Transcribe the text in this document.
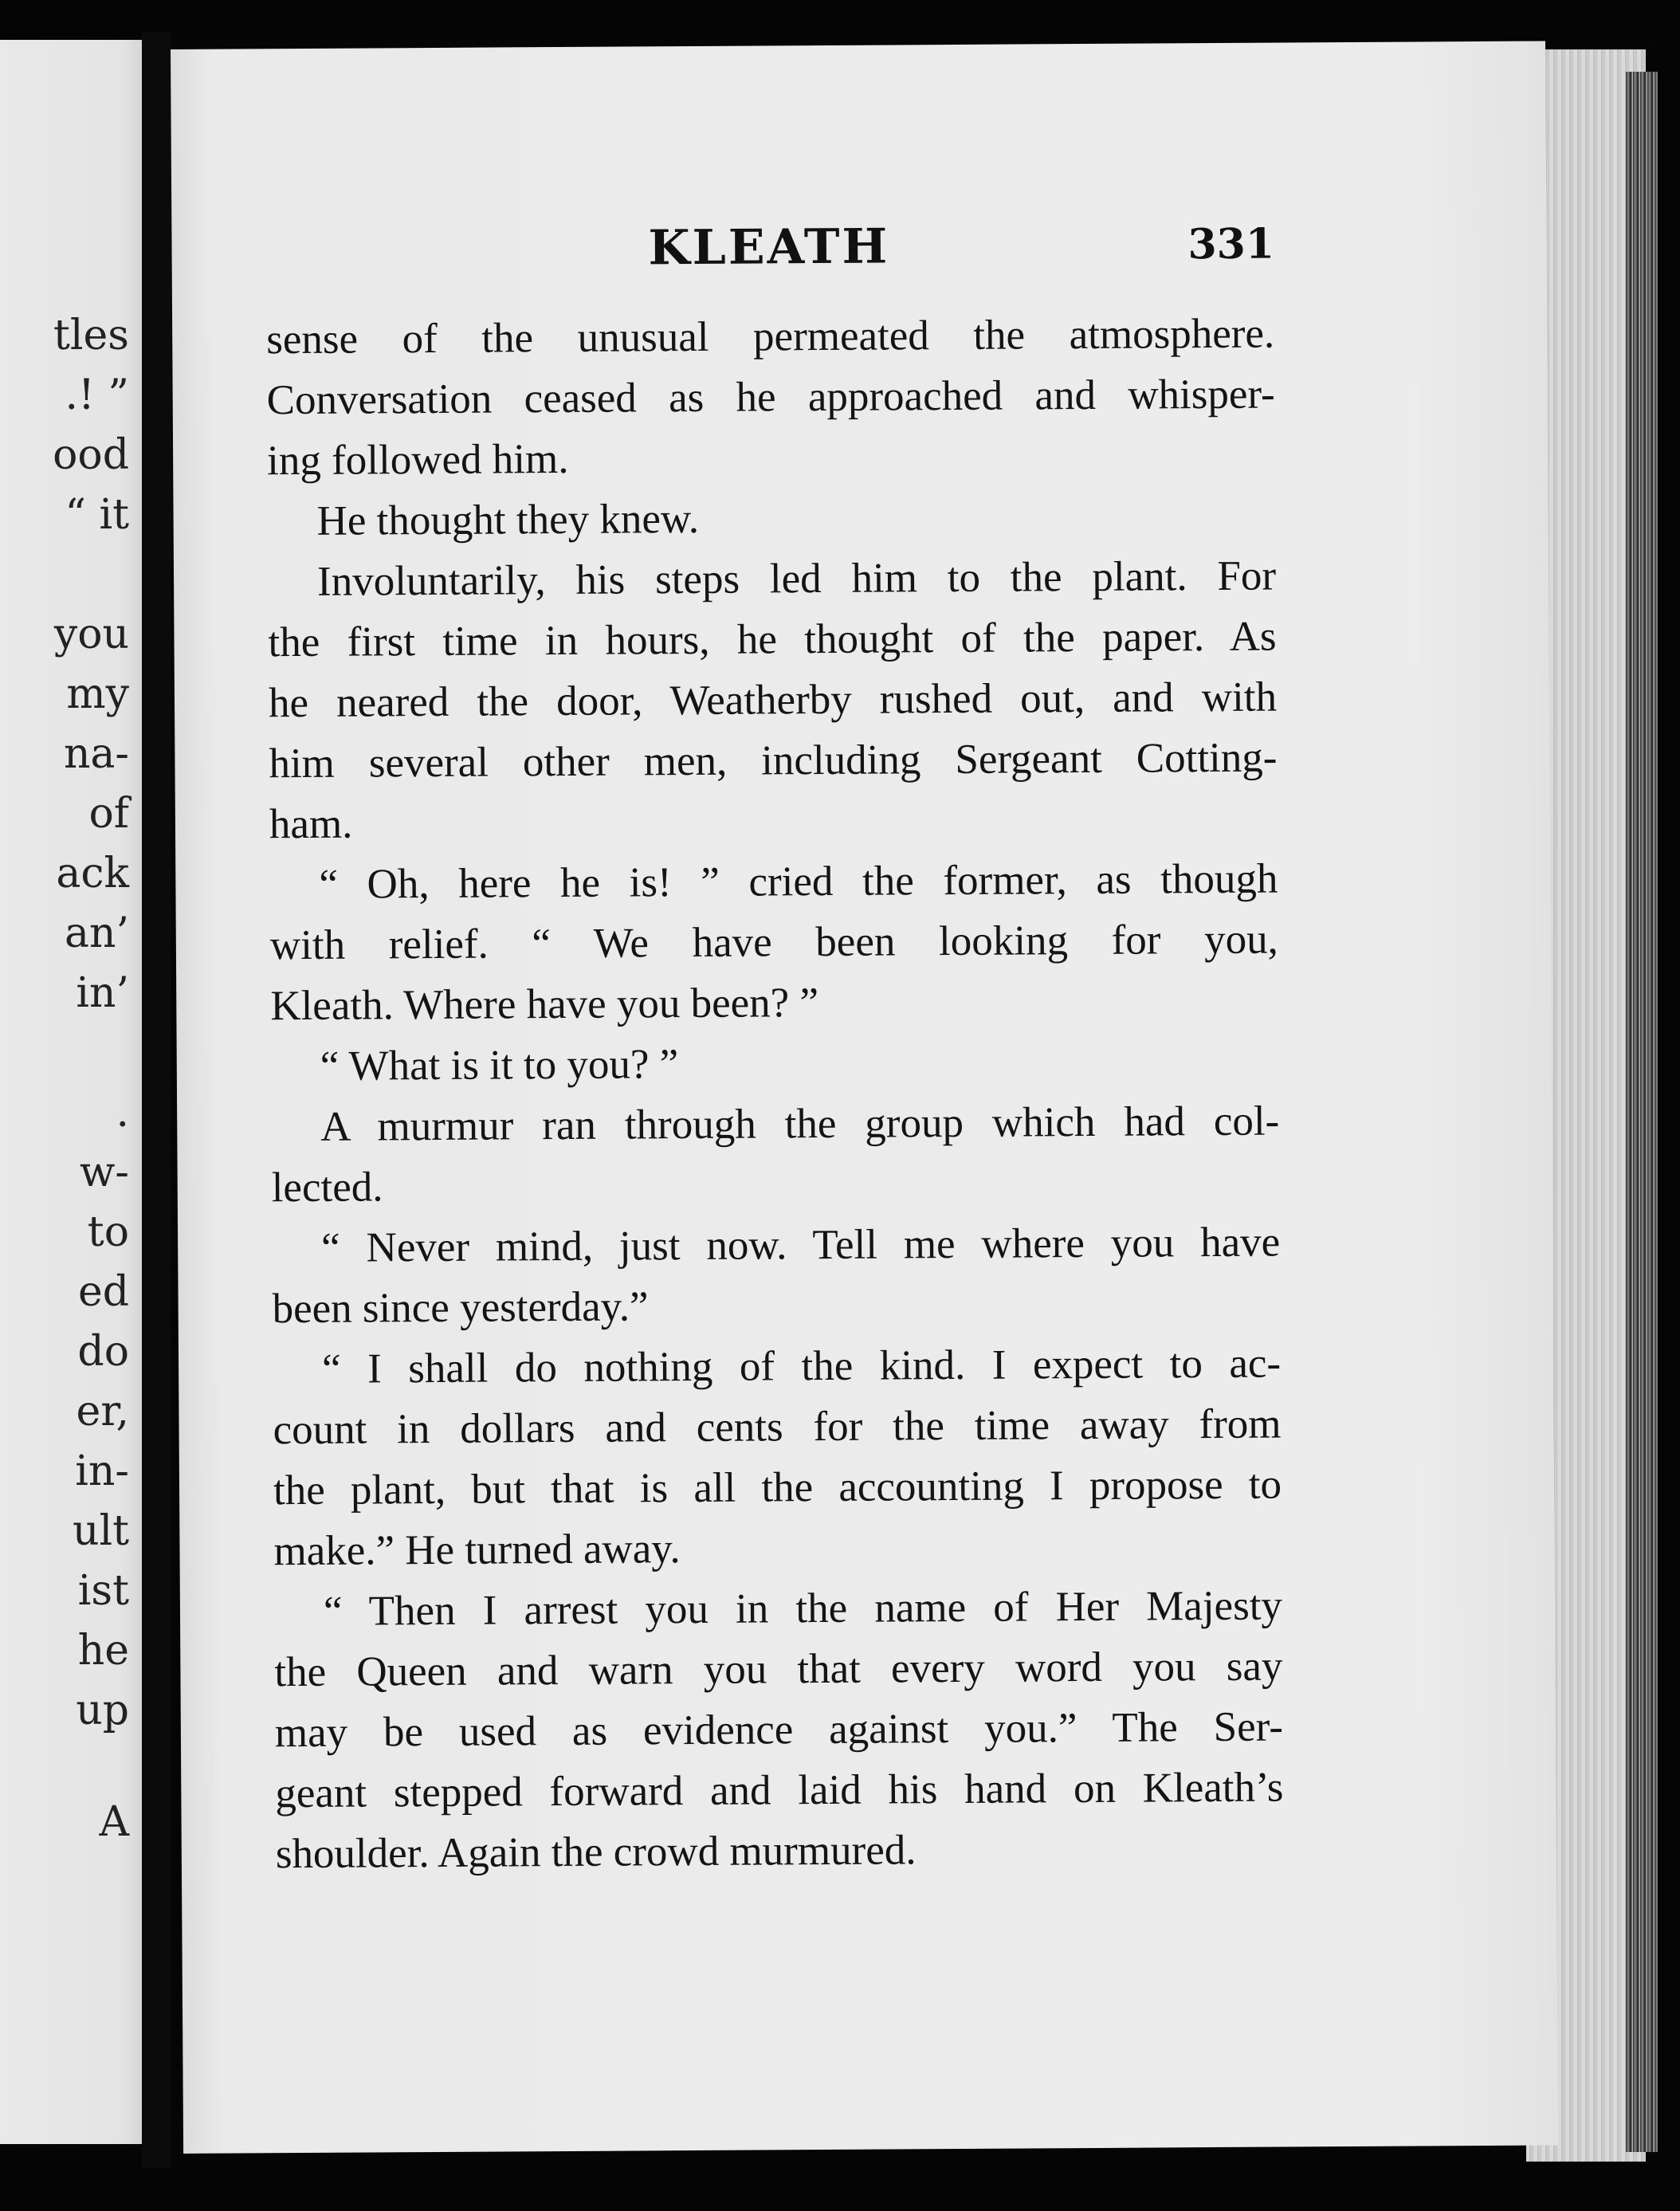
tles
.! ”
ood
“ it
you
my
na-
of
ack
an’
in’
.
w-
to
ed
do
er,
in-
ult
ist
he
up
A
KLEATH	331
sense of the unusual permeated the atmosphere.
Conversation ceased as he approached and whisper-
ing followed him.
He thought they knew.
Involuntarily, his steps led him to the plant. For
the first time in hours, he thought of the paper. As
he neared the door, Weatherby rushed out, and with
him several other men, including Sergeant Cotting-
ham.
“ Oh, here he is! ” cried the former, as though
with relief. “ We have been looking for you,
Kleath. Where have you been? ”
“ What is it to you? ”
A murmur ran through the group which had col-
lected.
“ Never mind, just now. Tell me where you have
been since yesterday.”
“ I shall do nothing of the kind. I expect to ac-
count in dollars and cents for the time away from
the plant, but that is all the accounting I propose to
make.” He turned away.
“ Then I arrest you in the name of Her Majesty
the Queen and warn you that every word you say
may be used as evidence against you.” The Ser-
geant stepped forward and laid his hand on Kleath’s
shoulder. Again the crowd murmured.
